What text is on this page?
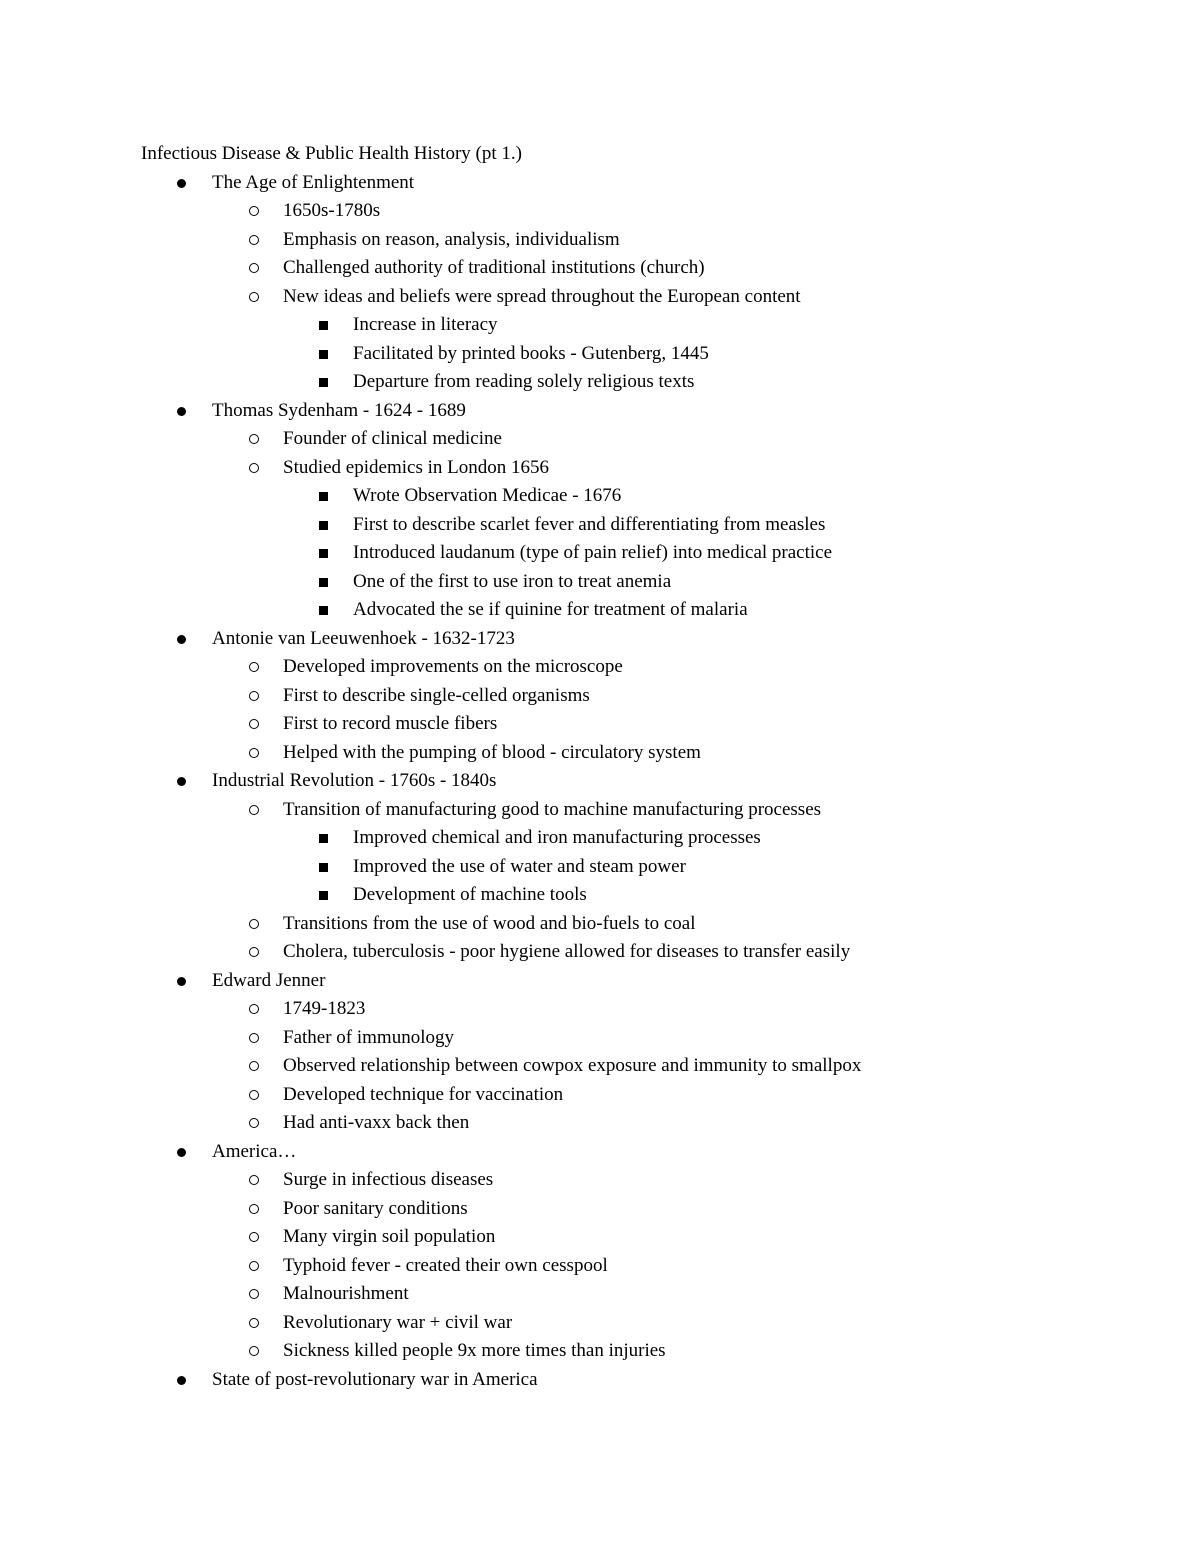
Infectious Disease & Public Health History (pt 1.)
The Age of Enlightenment
1650s-1780s
Emphasis on reason, analysis, individualism
Challenged authority of traditional institutions (church)
New ideas and beliefs were spread throughout the European content
Increase in literacy
Facilitated by printed books - Gutenberg, 1445
Departure from reading solely religious texts
Thomas Sydenham - 1624 - 1689
Founder of clinical medicine
Studied epidemics in London 1656
Wrote Observation Medicae - 1676
First to describe scarlet fever and differentiating from measles
Introduced laudanum (type of pain relief) into medical practice
One of the first to use iron to treat anemia
Advocated the se if quinine for treatment of malaria
Antonie van Leeuwenhoek - 1632-1723
Developed improvements on the microscope
First to describe single-celled organisms
First to record muscle fibers
Helped with the pumping of blood - circulatory system
Industrial Revolution - 1760s - 1840s
Transition of manufacturing good to machine manufacturing processes
Improved chemical and iron manufacturing processes
Improved the use of water and steam power
Development of machine tools
Transitions from the use of wood and bio-fuels to coal
Cholera, tuberculosis - poor hygiene allowed for diseases to transfer easily
Edward Jenner
1749-1823
Father of immunology
Observed relationship between cowpox exposure and immunity to smallpox
Developed technique for vaccination
Had anti-vaxx back then
America…
Surge in infectious diseases
Poor sanitary conditions
Many virgin soil population
Typhoid fever - created their own cesspool
Malnourishment
Revolutionary war + civil war
Sickness killed people 9x more times than injuries
State of post-revolutionary war in America
